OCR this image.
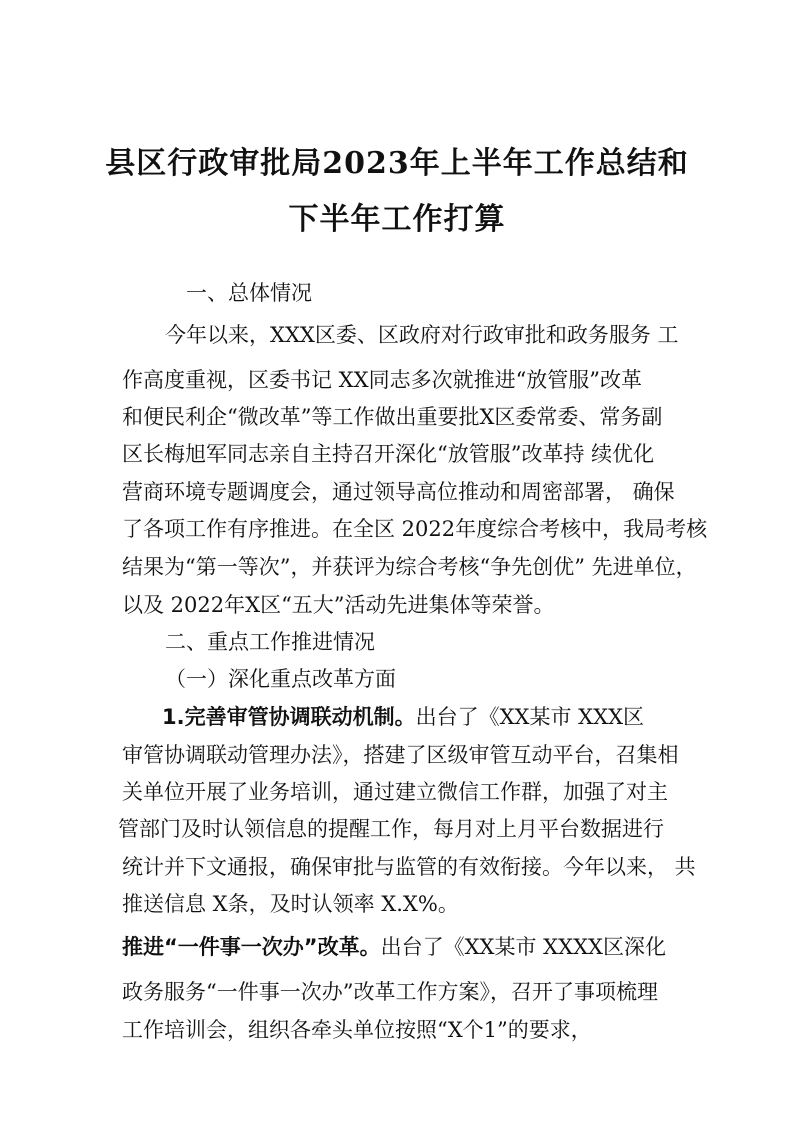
县区行政审批局2023年上半年工作总结和
下半年工作打算
一、总体情况
今年以来，XXX区委、区政府对行政审批和政务服务 工
作高度重视，区委书记 XX同志多次就推进“放管服”改革
和便民利企“微改革”等工作做出重要批X区委常委、常务副
区长梅旭军同志亲自主持召开深化“放管服”改革持 续优化
营商环境专题调度会，通过领导高位推动和周密部署， 确保
了各项工作有序推进。在全区 2022年度综合考核中，我局考核
结果为“第一等次”，并获评为综合考核“争先创优” 先进单位，
以及 2022年X区“五大”活动先进集体等荣誉。
二、重点工作推进情况
（一）深化重点改革方面
1.完善审管协调联动机制。出台了《XX某市 XXX区
审管协调联动管理办法》，搭建了区级审管互动平台，召集相
关单位开展了业务培训，通过建立微信工作群，加强了对主
管部门及时认领信息的提醒工作，每月对上月平台数据进行
统计并下文通报，确保审批与监管的有效衔接。今年以来， 共
推送信息 X条，及时认领率 X.X%。
推进“一件事一次办”改革。出台了《XX某市 XXXX区深化
政务服务“一件事一次办”改革工作方案》，召开了事项梳理
工作培训会，组织各牵头单位按照“X个1”的要求，
